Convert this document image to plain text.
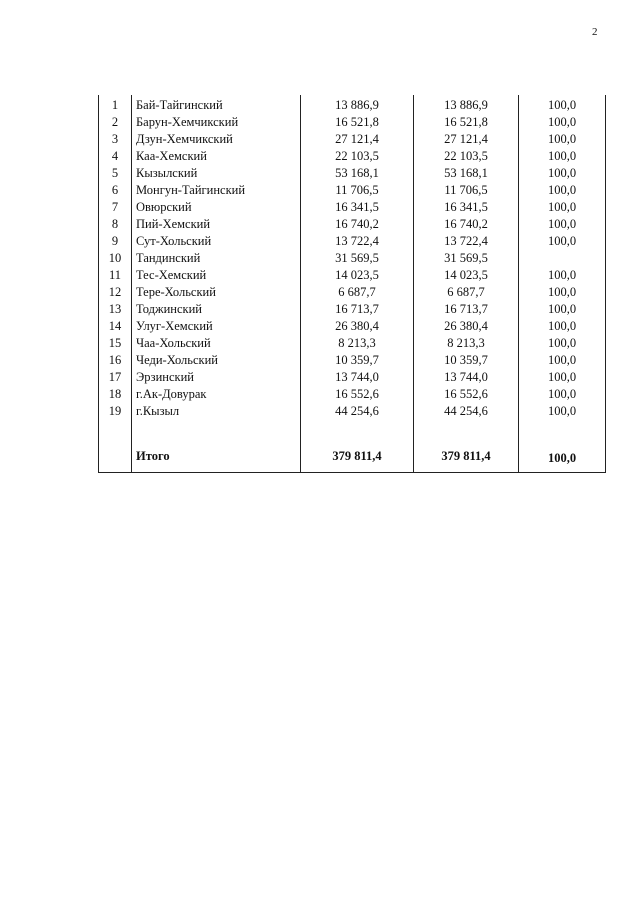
2
1	Бай-Тайгинский	13 886,9	13 886,9	100,0
2	Барун-Хемчикский	16 521,8	16 521,8	100,0
3	Дзун-Хемчикский	27 121,4	27 121,4	100,0
4	Каа-Хемский	22 103,5	22 103,5	100,0
5	Кызылский	53 168,1	53 168,1	100,0
6	Монгун-Тайгинский	11 706,5	11 706,5	100,0
7	Овюрский	16 341,5	16 341,5	100,0
8	Пий-Хемский	16 740,2	16 740,2	100,0
9	Сут-Хольский	13 722,4	13 722,4	100,0
10	Тандинский	31 569,5	31 569,5	
11	Тес-Хемский	14 023,5	14 023,5	100,0
12	Тере-Хольский	6 687,7	6 687,7	100,0
13	Тоджинский	16 713,7	16 713,7	100,0
14	Улуг-Хемский	26 380,4	26 380,4	100,0
15	Чаа-Хольский	8 213,3	8 213,3	100,0
16	Чеди-Хольский	10 359,7	10 359,7	100,0
17	Эрзинский	13 744,0	13 744,0	100,0
18	г.Ак-Довурак	16 552,6	16 552,6	100,0
19	г.Кызыл	44 254,6	44 254,6	100,0

	Итого	379 811,4	379 811,4	100,0
